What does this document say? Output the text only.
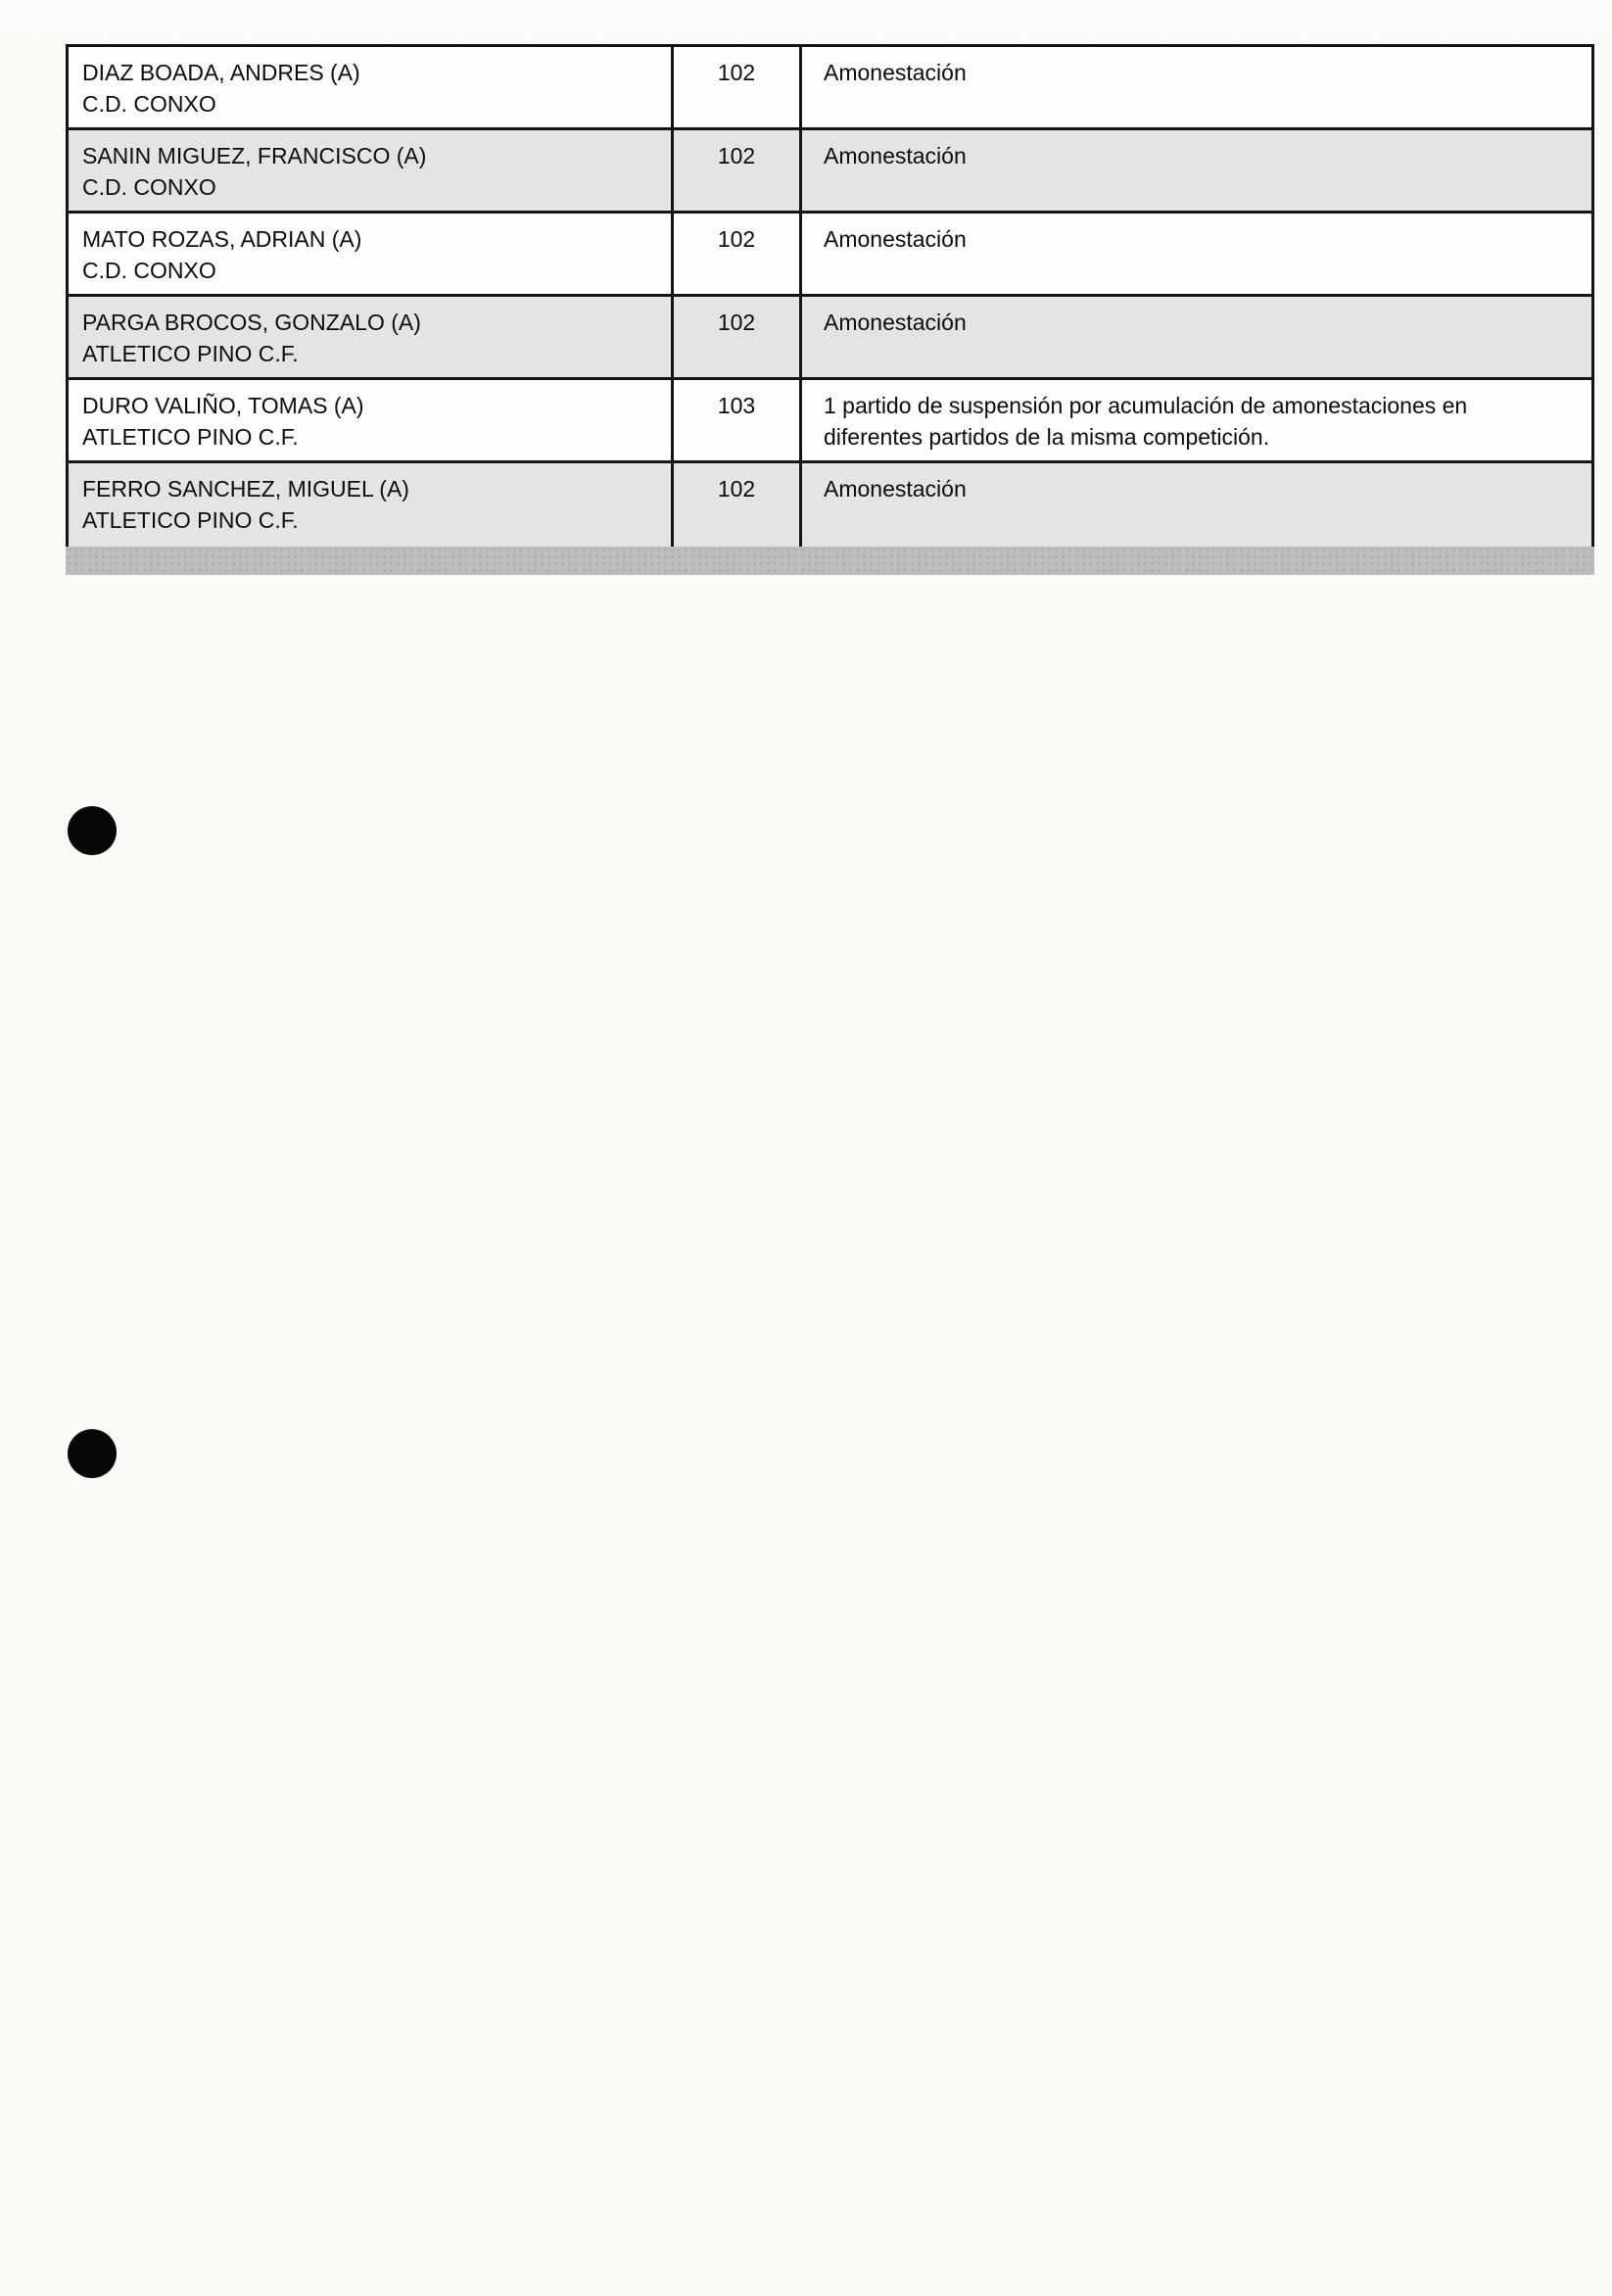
DIAZ BOADA, ANDRES (A)
C.D. CONXO
102	Amonestación
SANIN MIGUEZ, FRANCISCO (A)
C.D. CONXO
102	Amonestación
MATO ROZAS, ADRIAN (A)
C.D. CONXO
102	Amonestación
PARGA BROCOS, GONZALO (A)
ATLETICO PINO C.F.
102	Amonestación
DURO VALIÑO, TOMAS (A)
ATLETICO PINO C.F.
103	1 partido de suspensión por acumulación de amonestaciones en diferentes partidos de la misma competición.
FERRO SANCHEZ, MIGUEL (A)
ATLETICO PINO C.F.
102	Amonestación
